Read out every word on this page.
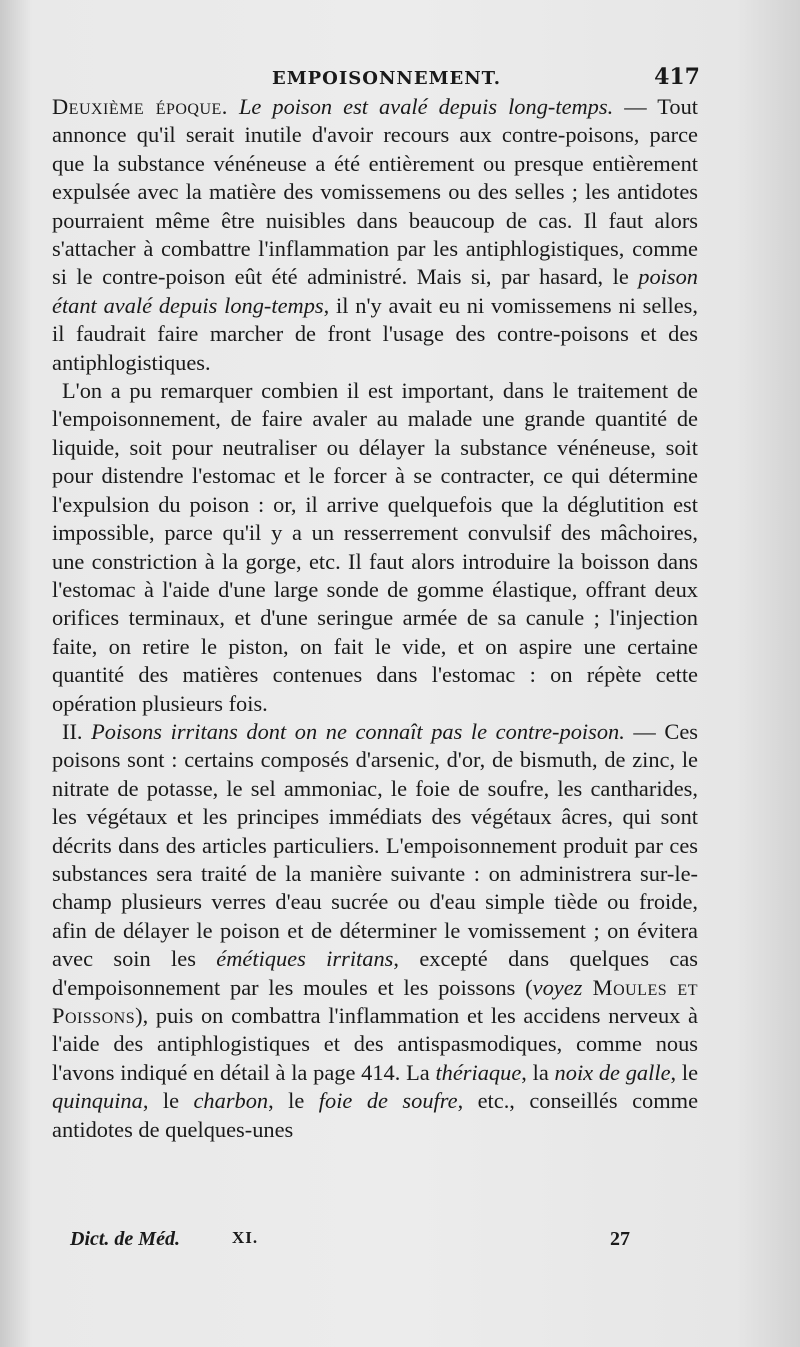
EMPOISONNEMENT.	417

Deuxième époque. Le poison est avalé depuis long-temps. — Tout annonce qu'il serait inutile d'avoir recours aux contre-poisons, parce que la substance vénéneuse a été entièrement ou presque entièrement expulsée avec la matière des vomissemens ou des selles ; les antidotes pourraient même être nuisibles dans beaucoup de cas. Il faut alors s'attacher à combattre l'inflammation par les antiphlogistiques, comme si le contre-poison eût été administré. Mais si, par hasard, le poison étant avalé depuis long-temps, il n'y avait eu ni vomissemens ni selles, il faudrait faire marcher de front l'usage des contre-poisons et des antiphlogistiques.

L'on a pu remarquer combien il est important, dans le traitement de l'empoisonnement, de faire avaler au malade une grande quantité de liquide, soit pour neutraliser ou délayer la substance vénéneuse, soit pour distendre l'estomac et le forcer à se contracter, ce qui détermine l'expulsion du poison : or, il arrive quelquefois que la déglutition est impossible, parce qu'il y a un resserrement convulsif des mâchoires, une constriction à la gorge, etc. Il faut alors introduire la boisson dans l'estomac à l'aide d'une large sonde de gomme élastique, offrant deux orifices terminaux, et d'une seringue armée de sa canule ; l'injection faite, on retire le piston, on fait le vide, et on aspire une certaine quantité des matières contenues dans l'estomac : on répète cette opération plusieurs fois.

II. Poisons irritans dont on ne connaît pas le contre-poison. — Ces poisons sont : certains composés d'arsenic, d'or, de bismuth, de zinc, le nitrate de potasse, le sel ammoniac, le foie de soufre, les cantharides, les végétaux et les principes immédiats des végétaux âcres, qui sont décrits dans des articles particuliers. L'empoisonnement produit par ces substances sera traité de la manière suivante : on administrera sur-le-champ plusieurs verres d'eau sucrée ou d'eau simple tiède ou froide, afin de délayer le poison et de déterminer le vomissement ; on évitera avec soin les émétiques irritans, excepté dans quelques cas d'empoisonnement par les moules et les poissons (voyez Moules et Poissons), puis on combattra l'inflammation et les accidens nerveux à l'aide des antiphlogistiques et des antispasmodiques, comme nous l'avons indiqué en détail à la page 414. La thériaque, la noix de galle, le quinquina, le charbon, le foie de soufre, etc., conseillés comme antidotes de quelques-unes

Dict. de Méd.	XI.	27
